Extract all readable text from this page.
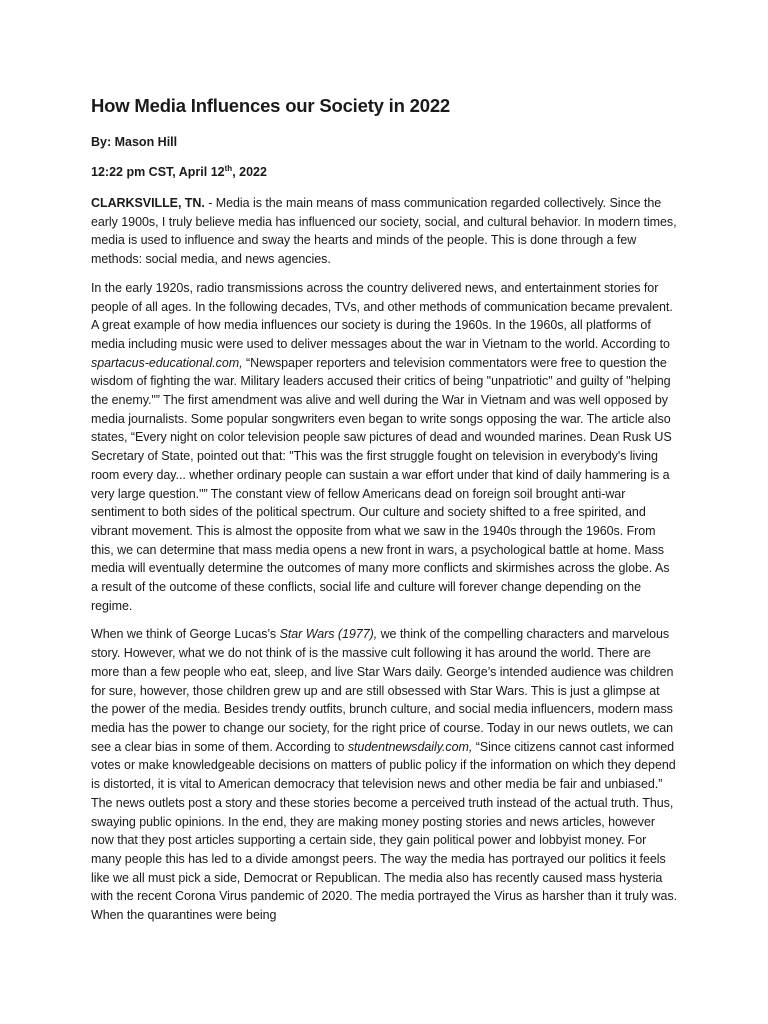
How Media Influences our Society in 2022
By: Mason Hill
12:22 pm CST, April 12th, 2022

CLARKSVILLE, TN. - Media is the main means of mass communication regarded collectively. Since the early 1900s, I truly believe media has influenced our society, social, and cultural behavior. In modern times, media is used to influence and sway the hearts and minds of the people. This is done through a few methods: social media, and news agencies.

In the early 1920s, radio transmissions across the country delivered news, and entertainment stories for people of all ages. In the following decades, TVs, and other methods of communication became prevalent. A great example of how media influences our society is during the 1960s. In the 1960s, all platforms of media including music were used to deliver messages about the war in Vietnam to the world. According to spartacus-educational.com, “Newspaper reporters and television commentators were free to question the wisdom of fighting the war. Military leaders accused their critics of being "unpatriotic" and guilty of "helping the enemy."” The first amendment was alive and well during the War in Vietnam and was well opposed by media journalists. Some popular songwriters even began to write songs opposing the war. The article also states, “Every night on color television people saw pictures of dead and wounded marines. Dean Rusk US Secretary of State, pointed out that: "This was the first struggle fought on television in everybody's living room every day... whether ordinary people can sustain a war effort under that kind of daily hammering is a very large question."” The constant view of fellow Americans dead on foreign soil brought anti-war sentiment to both sides of the political spectrum. Our culture and society shifted to a free spirited, and vibrant movement. This is almost the opposite from what we saw in the 1940s through the 1960s. From this, we can determine that mass media opens a new front in wars, a psychological battle at home. Mass media will eventually determine the outcomes of many more conflicts and skirmishes across the globe. As a result of the outcome of these conflicts, social life and culture will forever change depending on the regime.

When we think of George Lucas’s Star Wars (1977), we think of the compelling characters and marvelous story. However, what we do not think of is the massive cult following it has around the world. There are more than a few people who eat, sleep, and live Star Wars daily. George’s intended audience was children for sure, however, those children grew up and are still obsessed with Star Wars. This is just a glimpse at the power of the media. Besides trendy outfits, brunch culture, and social media influencers, modern mass media has the power to change our society, for the right price of course. Today in our news outlets, we can see a clear bias in some of them. According to studentnewsdaily.com, “Since citizens cannot cast informed votes or make knowledgeable decisions on matters of public policy if the information on which they depend is distorted, it is vital to American democracy that television news and other media be fair and unbiased.” The news outlets post a story and these stories become a perceived truth instead of the actual truth. Thus, swaying public opinions. In the end, they are making money posting stories and news articles, however now that they post articles supporting a certain side, they gain political power and lobbyist money. For many people this has led to a divide amongst peers. The way the media has portrayed our politics it feels like we all must pick a side, Democrat or Republican. The media also has recently caused mass hysteria with the recent Corona Virus pandemic of 2020. The media portrayed the Virus as harsher than it truly was. When the quarantines were being
